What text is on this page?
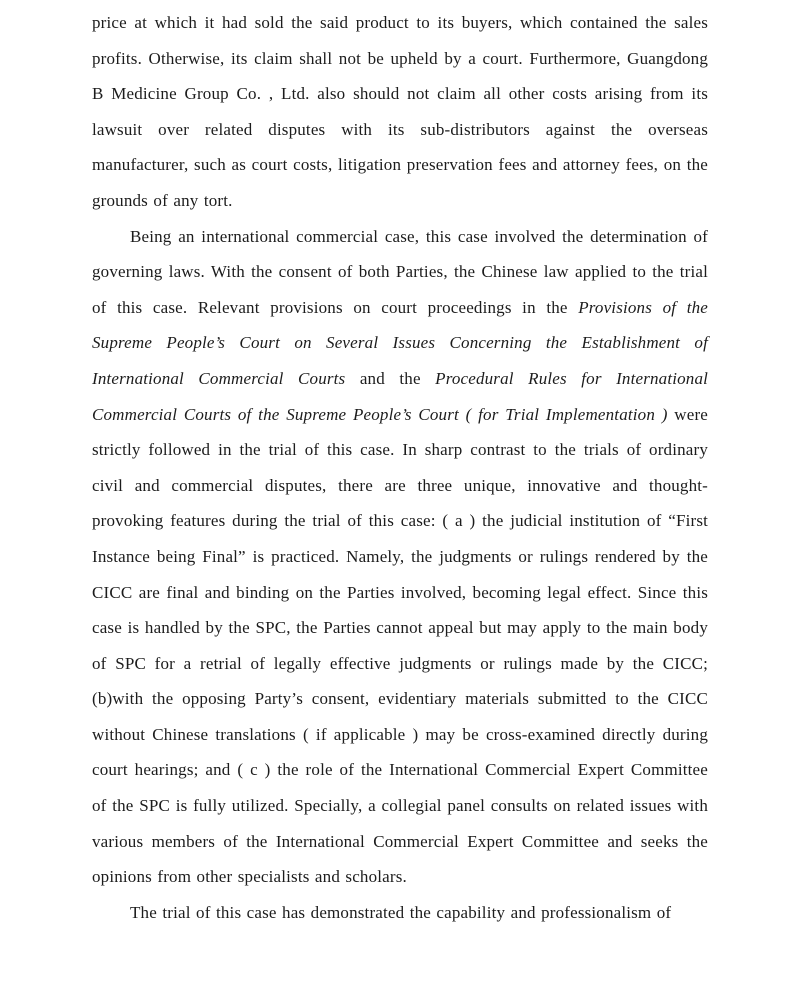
price at which it had sold the said product to its buyers, which contained the sales profits. Otherwise, its claim shall not be upheld by a court. Furthermore, Guangdong B Medicine Group Co. , Ltd. also should not claim all other costs arising from its lawsuit over related disputes with its sub-distributors against the overseas manufacturer, such as court costs, litigation preservation fees and attorney fees, on the grounds of any tort.

Being an international commercial case, this case involved the determination of governing laws. With the consent of both Parties, the Chinese law applied to the trial of this case. Relevant provisions on court proceedings in the Provisions of the Supreme People’s Court on Several Issues Concerning the Establishment of International Commercial Courts and the Procedural Rules for International Commercial Courts of the Supreme People’s Court ( for Trial Implementation ) were strictly followed in the trial of this case. In sharp contrast to the trials of ordinary civil and commercial disputes, there are three unique, innovative and thought-provoking features during the trial of this case: ( a ) the judicial institution of “First Instance being Final” is practiced. Namely, the judgments or rulings rendered by the CICC are final and binding on the Parties involved, becoming legal effect. Since this case is handled by the SPC, the Parties cannot appeal but may apply to the main body of SPC for a retrial of legally effective judgments or rulings made by the CICC; (b)with the opposing Party’s consent, evidentiary materials submitted to the CICC without Chinese translations ( if applicable ) may be cross-examined directly during court hearings; and ( c ) the role of the International Commercial Expert Committee of the SPC is fully utilized. Specially, a collegial panel consults on related issues with various members of the International Commercial Expert Committee and seeks the opinions from other specialists and scholars.

The trial of this case has demonstrated the capability and professionalism of
